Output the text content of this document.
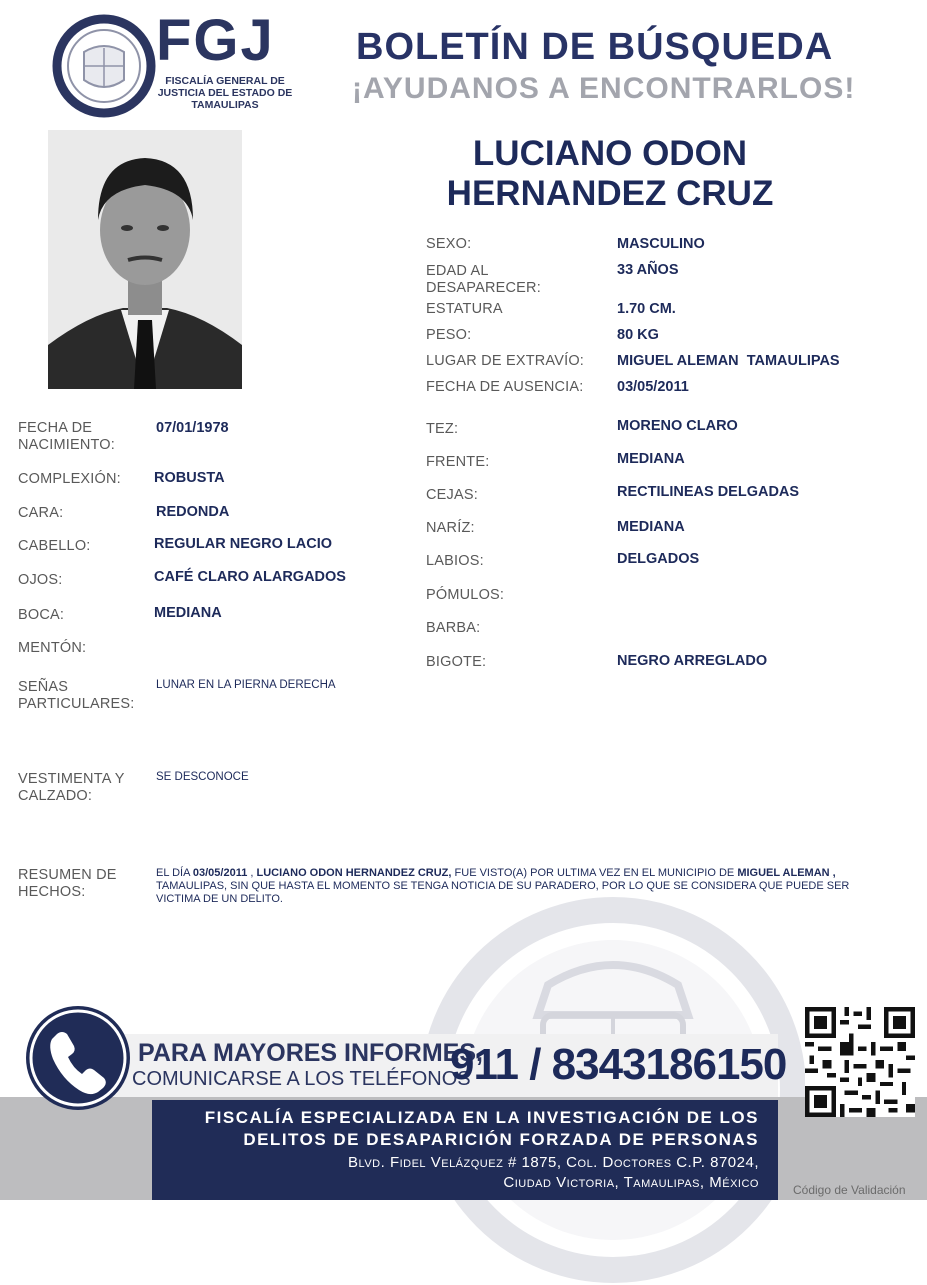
FGJ
FISCALÍA GENERAL DE JUSTICIA DEL ESTADO DE TAMAULIPAS
BOLETÍN DE BÚSQUEDA
¡AYUDANOS A ENCONTRARLOS!
LUCIANO ODON
HERNANDEZ CRUZ
SEXO:	MASCULINO
EDAD AL DESAPARECER:
33 AÑOS
ESTATURA	1.70 CM.
PESO:	80 KG
LUGAR DE EXTRAVÍO: MIGUEL ALEMAN  TAMAULIPAS
FECHA DE AUSENCIA: 03/05/2011
TEZ:	MORENO CLARO
FRENTE:	MEDIANA
CEJAS:	RECTILINEAS DELGADAS
NARÍZ:	MEDIANA
LABIOS:	DELGADOS
PÓMULOS:
BARBA:
BIGOTE:	NEGRO ARREGLADO
FECHA DE NACIMIENTO:
07/01/1978
COMPLEXIÓN: ROBUSTA
CARA:	REDONDA
CABELLO:	REGULAR NEGRO LACIO
OJOS:	CAFÉ CLARO ALARGADOS
BOCA:	MEDIANA
MENTÓN:
SEÑAS PARTICULARES:
LUNAR EN LA PIERNA DERECHA
VESTIMENTA Y CALZADO:
SE DESCONOCE
RESUMEN DE HECHOS:
EL DÍA 03/05/2011 , LUCIANO ODON HERNANDEZ CRUZ, FUE VISTO(A) POR ULTIMA VEZ EN EL MUNICIPIO DE MIGUEL ALEMAN , TAMAULIPAS, SIN QUE HASTA EL MOMENTO SE TENGA NOTICIA DE SU PARADERO, POR LO QUE SE CONSIDERA QUE PUEDE SER VICTIMA DE UN DELITO.
PARA MAYORES INFORMES,
COMUNICARSE A LOS TELÉFONOS
911 / 8343186150
FISCALÍA ESPECIALIZADA EN LA INVESTIGACIÓN DE LOS
DELITOS DE DESAPARICIÓN FORZADA DE PERSONAS
Blvd. Fidel Velázquez # 1875, Col. Doctores C.P. 87024,
Ciudad Victoria, Tamaulipas, México	Código de Validación
